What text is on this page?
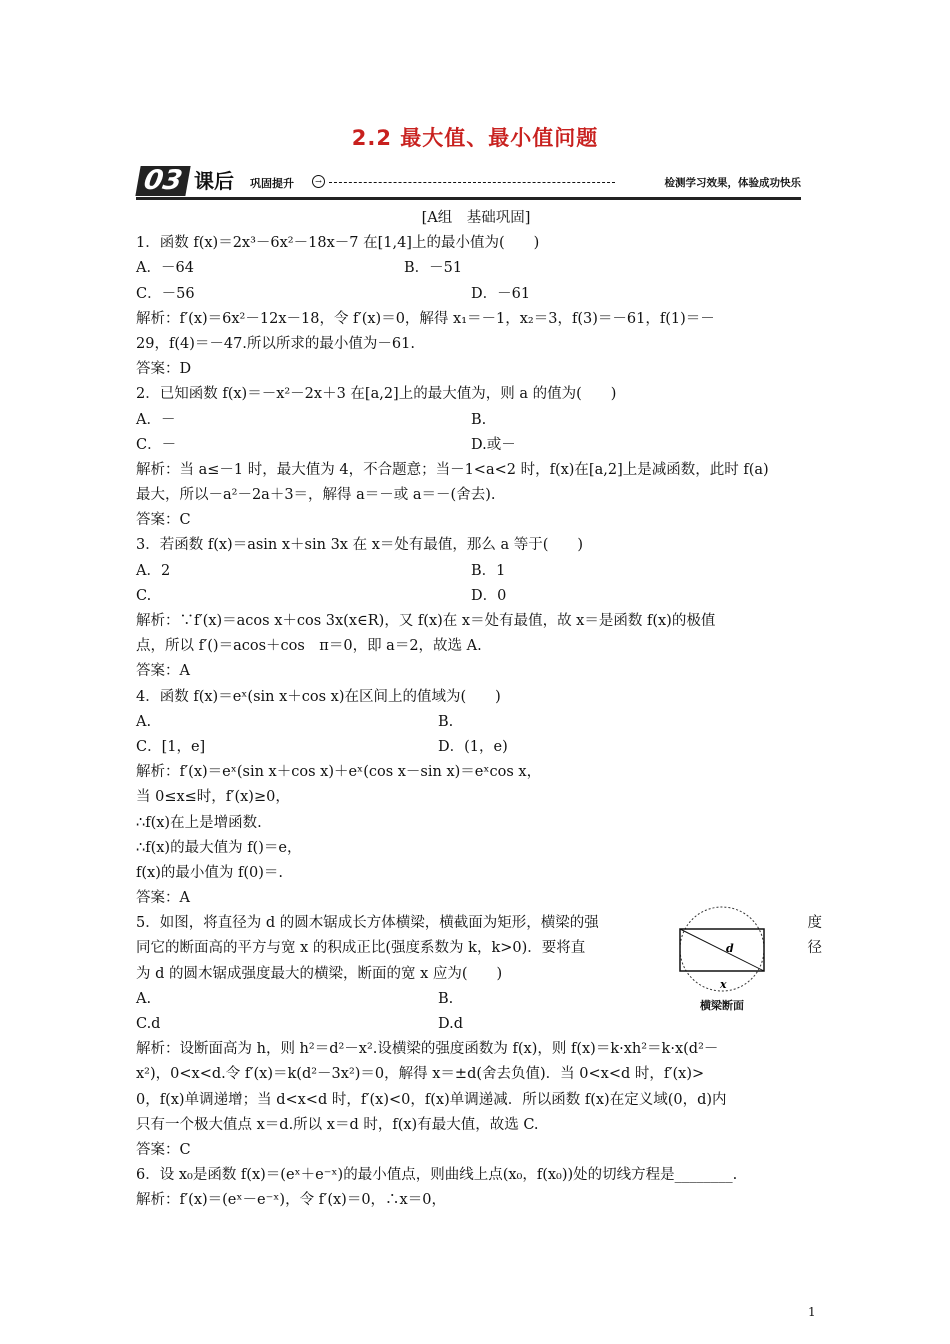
2.2 最大值、最小值问题
03 课后 巩固提升	→	检测学习效果，体验成功快乐
[A组　基础巩固]
1．函数 f(x)＝2x³－6x²－18x－7 在[1,4]上的最小值为(　　)
A．－64	B．－51
C．－56	D．－61
解析：f′(x)＝6x²－12x－18，令 f′(x)＝0，解得 x₁＝－1，x₂＝3，f(3)＝－61，f(1)＝－
29，f(4)＝－47.所以所求的最小值为－61.
答案：D
2．已知函数 f(x)＝－x²－2x＋3 在[a,2]上的最大值为，则 a 的值为(　　)
A．－	B.
C．－	D.或－
解析：当 a≤－1 时，最大值为 4，不合题意；当－1<a<2 时，f(x)在[a,2]上是减函数，此时 f(a)
最大，所以－a²－2a＋3＝，解得 a＝－或 a＝－(舍去).
答案：C
3．若函数 f(x)＝asin x＋sin 3x 在 x＝处有最值，那么 a 等于(　　)
A．2	B．1
C.	D．0
解析：∵f′(x)＝acos x＋cos 3x(x∈R)，又 f(x)在 x＝处有最值，故 x＝是函数 f(x)的极值
点，所以 f′()＝acos＋cos　π＝0，即 a＝2，故选 A.
答案：A
4．函数 f(x)＝eˣ(sin x＋cos x)在区间上的值域为(　　)
A.	B.
C．[1，e]	D．(1，e)
解析：f′(x)＝eˣ(sin x＋cos x)＋eˣ(cos x－sin x)＝eˣcos x，
当 0≤x≤时，f′(x)≥0，
∴f(x)在上是增函数.
∴f(x)的最大值为 f()＝e，
f(x)的最小值为 f(0)＝.
答案：A
5．如图，将直径为 d 的圆木锯成长方体横梁，横截面为矩形，横梁的强	度
同它的断面高的平方与宽 x 的积成正比(强度系数为 k，k>0)．要将直	径
为 d 的圆木锯成强度最大的横梁，断面的宽 x 应为(　　)
A.	B.
C.d	D.d
解析：设断面高为 h，则 h²＝d²－x².设横梁的强度函数为 f(x)，则 f(x)＝k·xh²＝k·x(d²－
x²)，0<x<d.令 f′(x)＝k(d²－3x²)＝0，解得 x＝±d(舍去负值)．当 0<x<d 时，f′(x)>
0，f(x)单调递增；当 d<x<d 时，f′(x)<0，f(x)单调递减．所以函数 f(x)在定义域(0，d)内
只有一个极大值点 x＝d.所以 x＝d 时，f(x)有最大值，故选 C.
答案：C
6．设 x₀是函数 f(x)＝(eˣ＋e⁻ˣ)的最小值点，则曲线上点(x₀，f(x₀))处的切线方程是________.
解析：f′(x)＝(eˣ－e⁻ˣ)，令 f′(x)＝0，∴x＝0，
d
x
横梁断面
1
